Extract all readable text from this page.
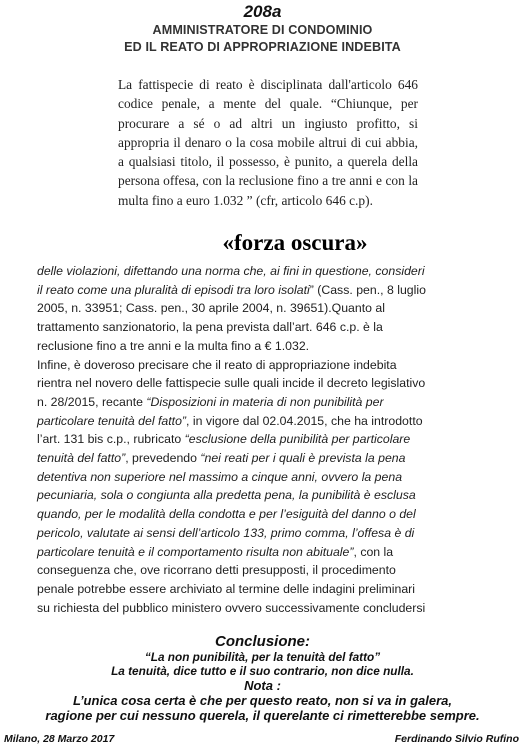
208a
AMMINISTRATORE DI CONDOMINIO
ED IL REATO DI APPROPRIAZIONE INDEBITA
La fattispecie di reato è disciplinata dall'articolo 646 codice penale, a mente del quale. “Chiunque, per procurare a sé o ad altri un ingiusto profitto, si appropria il denaro o la cosa mobile altrui di cui abbia, a qualsiasi titolo, il possesso, è punito, a querela della persona offesa, con la reclusione fino a tre anni e con la multa fino a euro 1.032 ” (cfr, articolo 646 c.p).
«forza oscura»

delle violazioni, difettando una norma che, ai fini in questione, consideri
il reato come una pluralità di episodi tra loro isolati” (Cass. pen., 8 luglio
2005, n. 33951; Cass. pen., 30 aprile 2004, n. 39651).Quanto al
trattamento sanzionatorio, la pena prevista dall’art. 646 c.p. è la
reclusione fino a tre anni e la multa fino a € 1.032.

Infine, è doveroso precisare che il reato di appropriazione indebita
rientra nel novero delle fattispecie sulle quali incide il decreto legislativo
n. 28/2015, recante “Disposizioni in materia di non punibilità per
particolare tenuità del fatto”, in vigore dal 02.04.2015, che ha introdotto
l’art. 131 bis c.p., rubricato “esclusione della punibilità per particolare
tenuità del fatto”, prevedendo “nei reati per i quali è prevista la pena
detentiva non superiore nel massimo a cinque anni, ovvero la pena
pecuniaria, sola o congiunta alla predetta pena, la punibilità è esclusa
quando, per le modalità della condotta e per l’esiguità del danno o del
pericolo, valutate ai sensi dell’articolo 133, primo comma, l’offesa è di
particolare tenuità e il comportamento risulta non abituale”, con la
conseguenza che, ove ricorrano detti presupposti, il procedimento
penale potrebbe essere archiviato al termine delle indagini preliminari
su richiesta del pubblico ministero ovvero successivamente concludersi

Conclusione:
“La non punibilità, per la tenuità del fatto”
La tenuità, dice tutto e il suo contrario, non dice nulla.
Nota :
L’unica cosa certa è che per questo reato, non si va in galera,
ragione per cui nessuno querela, il querelante ci rimetterebbe sempre.
Milano, 28 Marzo 2017	Ferdinando Silvio Rufino
